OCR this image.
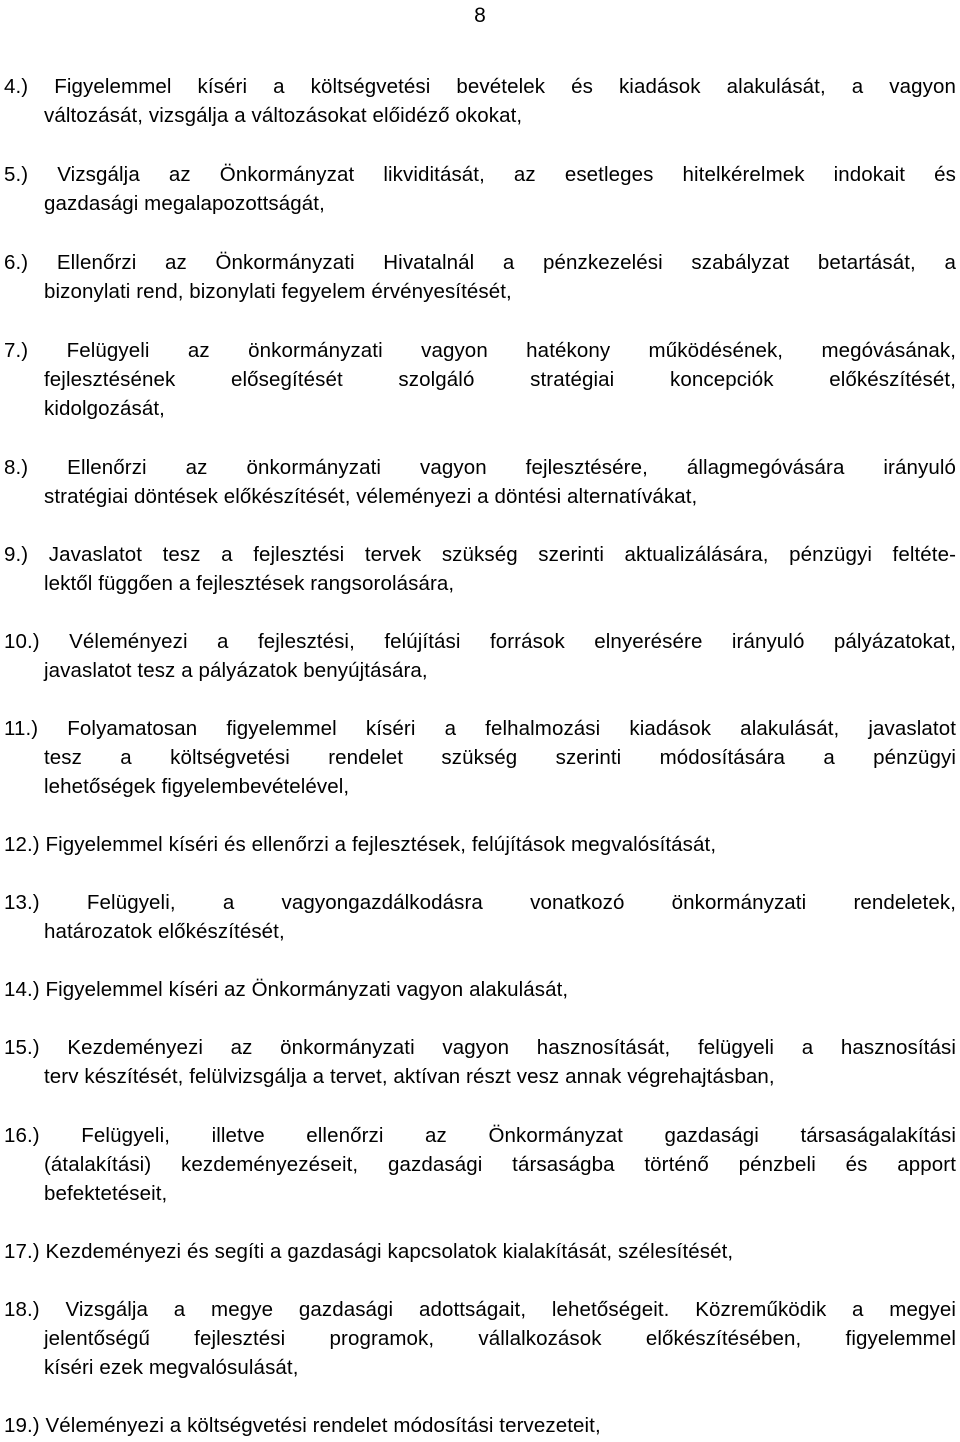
8
4.) Figyelemmel kíséri a költségvetési bevételek és kiadások alakulását, a vagyon
változását, vizsgálja a változásokat előidéző okokat,
5.) Vizsgálja az Önkormányzat likviditását, az esetleges hitelkérelmek indokait és
gazdasági megalapozottságát,
6.) Ellenőrzi az Önkormányzati Hivatalnál a pénzkezelési szabályzat betartását, a
bizonylati rend, bizonylati fegyelem érvényesítését,
7.) Felügyeli az önkormányzati vagyon hatékony működésének, megóvásának,
fejlesztésének elősegítését szolgáló stratégiai koncepciók előkészítését,
kidolgozását,
8.) Ellenőrzi az önkormányzati vagyon fejlesztésére, állagmegóvására irányuló
stratégiai döntések előkészítését, véleményezi a döntési alternatívákat,
9.) Javaslatot tesz a fejlesztési tervek szükség szerinti aktualizálására, pénzügyi feltéte-
lektől függően a fejlesztések rangsorolására,
10.) Véleményezi a fejlesztési, felújítási források elnyerésére irányuló pályázatokat,
javaslatot tesz a pályázatok benyújtására,
11.) Folyamatosan figyelemmel kíséri a felhalmozási kiadások alakulását, javaslatot
tesz a költségvetési rendelet szükség szerinti módosítására a pénzügyi
lehetőségek figyelembevételével,
12.) Figyelemmel kíséri és ellenőrzi a fejlesztések, felújítások megvalósítását,
13.) Felügyeli, a vagyongazdálkodásra vonatkozó önkormányzati rendeletek,
határozatok előkészítését,
14.) Figyelemmel kíséri az Önkormányzati vagyon alakulását,
15.) Kezdeményezi az önkormányzati vagyon hasznosítását, felügyeli a hasznosítási
terv készítését, felülvizsgálja a tervet, aktívan részt vesz annak végrehajtásban,
16.) Felügyeli, illetve ellenőrzi az Önkormányzat gazdasági társaságalakítási
(átalakítási) kezdeményezéseit, gazdasági társaságba történő pénzbeli és apport
befektetéseit,
17.) Kezdeményezi és segíti a gazdasági kapcsolatok kialakítását, szélesítését,
18.) Vizsgálja a megye gazdasági adottságait, lehetőségeit. Közreműködik a megyei
jelentőségű fejlesztési programok, vállalkozások előkészítésében, figyelemmel
kíséri ezek megvalósulását,
19.) Véleményezi a költségvetési rendelet módosítási tervezeteit,
